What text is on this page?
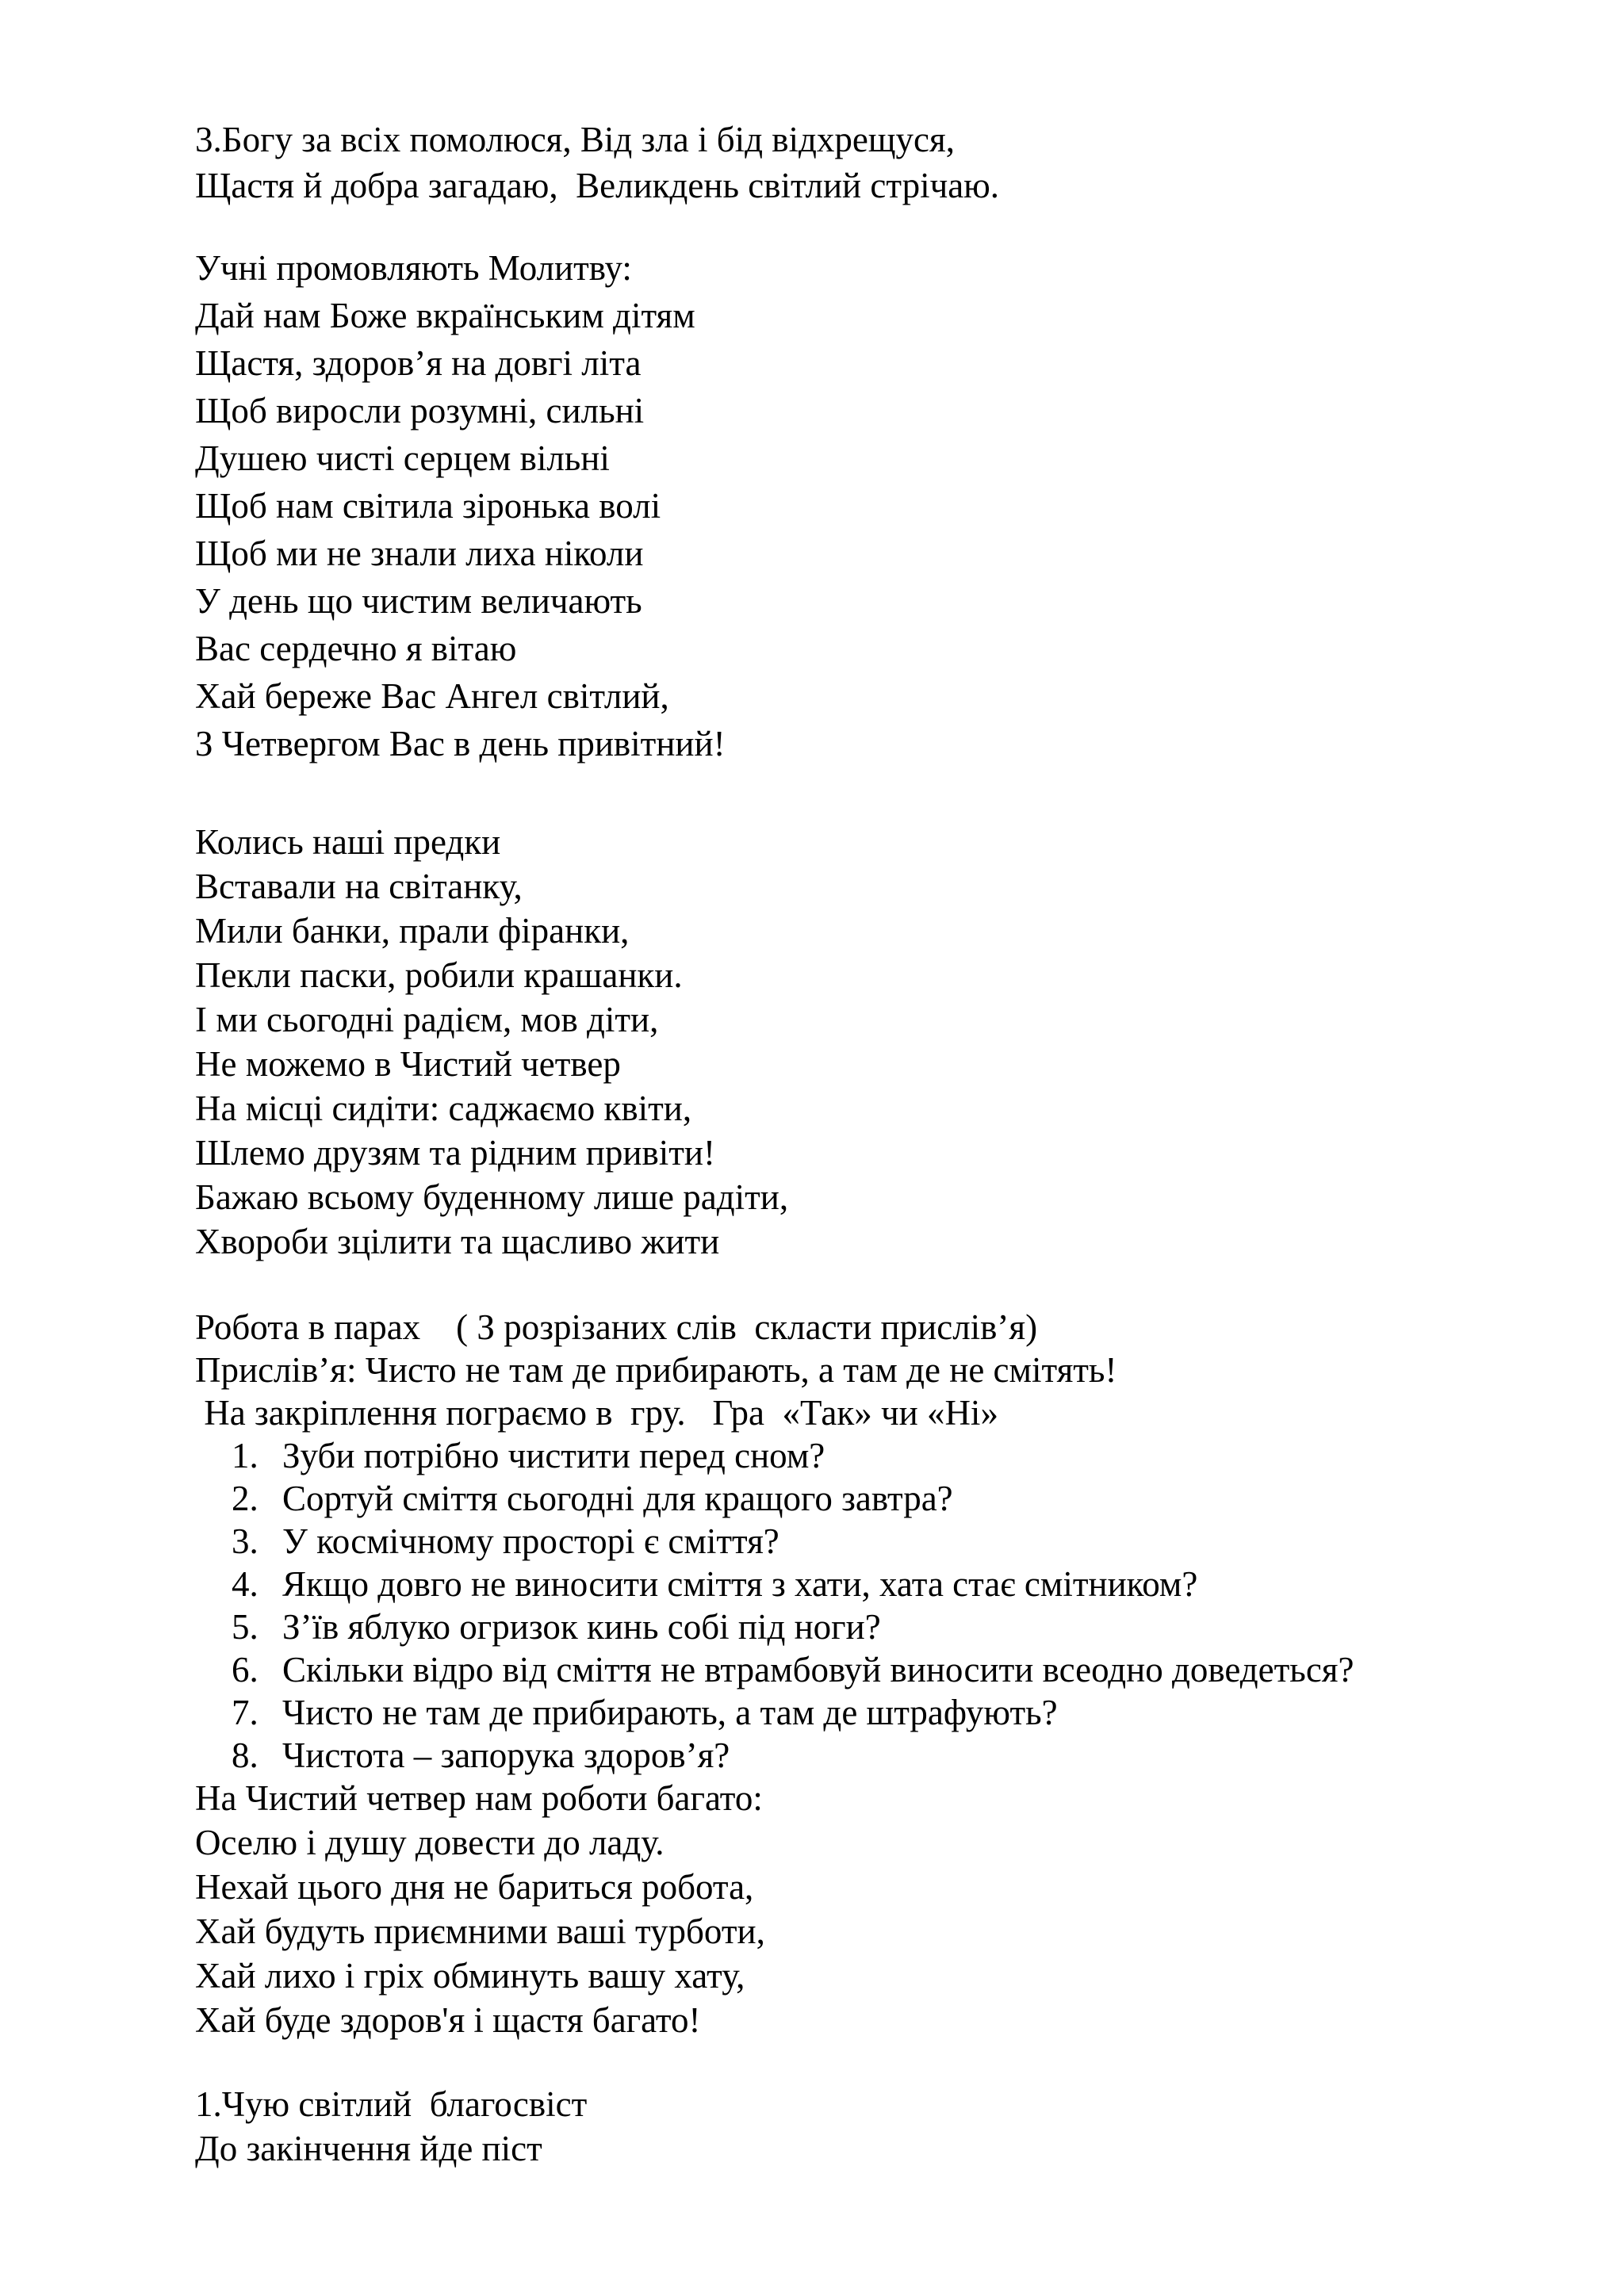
3.Богу за всіх помолюся, Від зла і бід відхрещуся,
Щастя й добра загадаю,  Великдень світлий стрічаю.
Учні промовляють Молитву:
Дай нам Боже вкраїнським дітям
Щастя, здоров’я на довгі літа
Щоб виросли розумні, сильні
Душею чисті серцем вільні
Щоб нам світила зіронька волі
Щоб ми не знали лиха ніколи
У день що чистим величають
Вас сердечно я вітаю
Хай береже Вас Ангел світлий,
З Четвергом Вас в день привітний!
Колись наші предки
Вставали на світанку,
Мили банки, прали фіранки,
Пекли паски, робили крашанки.
І ми сьогодні радієм, мов діти,
Не можемо в Чистий четвер
На місці сидіти: саджаємо квіти,
Шлемо друзям та рідним привіти!
Бажаю всьому буденному лише радіти,
Хвороби зцілити та щасливо жити
Робота в парах    ( З розрізаних слів  скласти прислів’я)
Прислів’я: Чисто не там де прибирають, а там де не смітять!
На закріплення пограємо в  гру.   Гра  «Так» чи «Ні»
1. Зуби потрібно чистити перед сном?
2. Сортуй сміття сьогодні для кращого завтра?
3. У космічному просторі є сміття?
4. Якщо довго не виносити сміття з хати, хата стає смітником?
5. З’їв яблуко огризок кинь собі під ноги?
6. Скільки відро від сміття не втрамбовуй виносити всеодно доведеться?
7. Чисто не там де прибирають, а там де штрафують?
8. Чистота – запорука здоров’я?
На Чистий четвер нам роботи багато:
Оселю і душу довести до ладу.
Нехай цього дня не бариться робота,
Хай будуть приємними ваші турботи,
Хай лихо і гріх обминуть вашу хату,
Хай буде здоров'я і щастя багато!
1.Чую світлий  благосвіст
До закінчення йде піст
